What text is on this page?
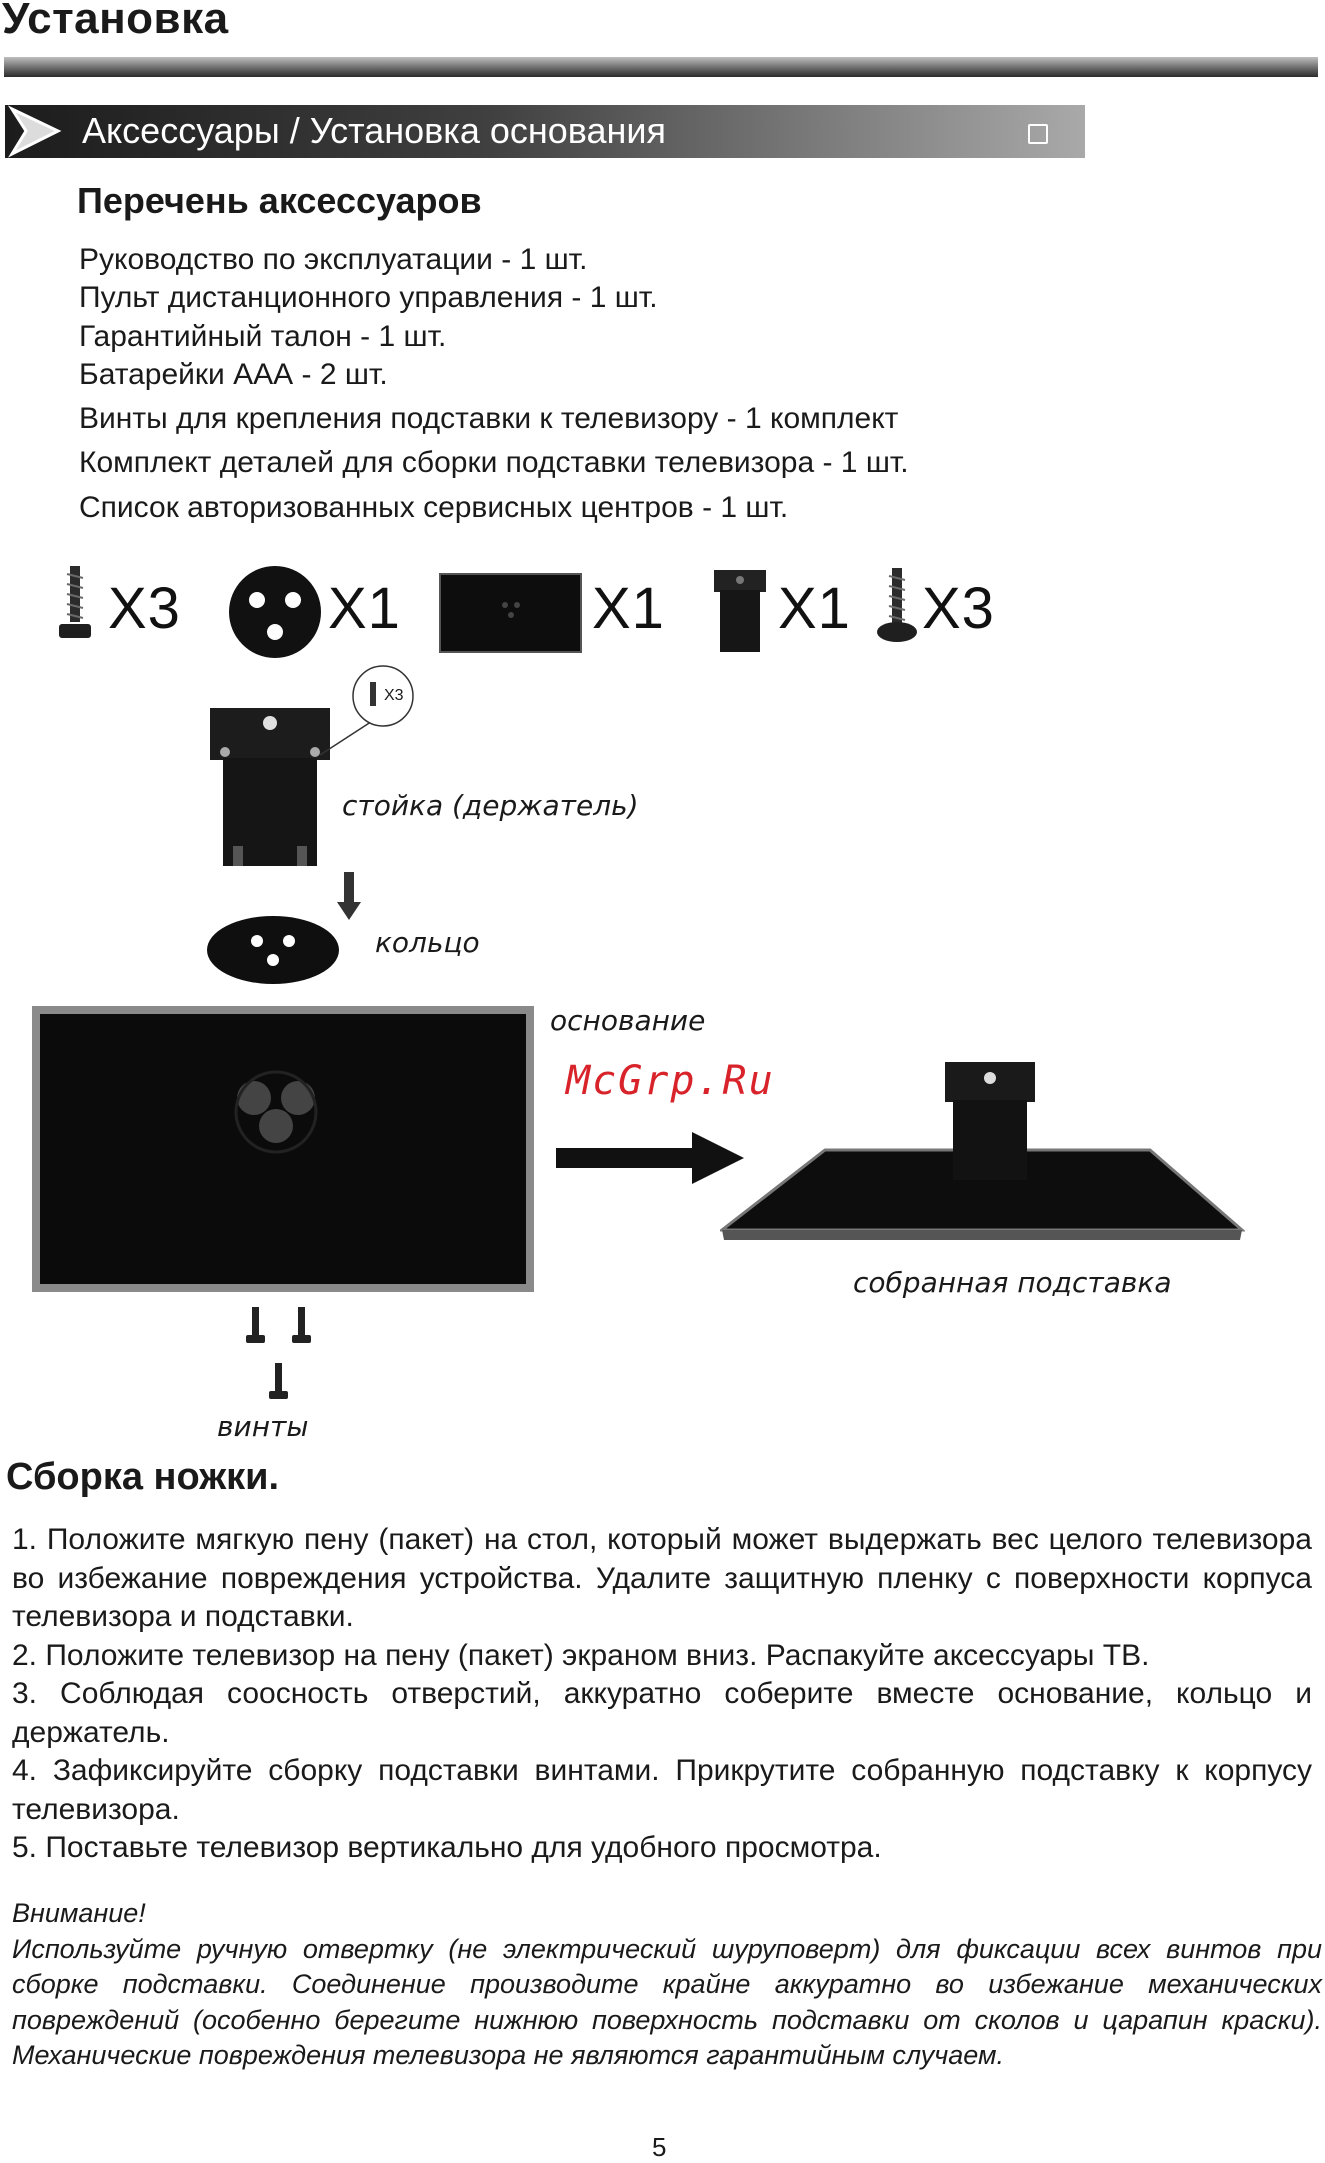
Установка
Аксессуары / Установка основания
Перечень аксессуаров
Руководство по эксплуатации - 1 шт.
Пульт дистанционного управления - 1 шт.
Гарантийный талон - 1 шт.
Батарейки ААА - 2 шт.
Винты для крепления подставки к телевизору - 1 комплект
Комплект деталей для сборки подставки телевизора - 1 шт.
Список авторизованных сервисных центров - 1 шт.
X3	X1	X1 X1 X3
X3
стойка (держатель)
кольцо
основание
McGrp.Ru
собранная подставка
винты
Сборка ножки.

1. Положите мягкую пену (пакет) на стол, который может выдержать вес целого телевизора во избежание повреждения устройства. Удалите защитную пленку с поверхности корпуса телевизора и подставки.

2. Положите телевизор на пену (пакет) экраном вниз. Распакуйте аксессуары ТВ.

3. Соблюдая соосность отверстий, аккуратно соберите вместе основание, кольцо и держатель.

4. Зафиксируйте сборку подставки винтами. Прикрутите собранную подставку к корпусу телевизора.

5. Поставьте телевизор вертикально для удобного просмотра.

Внимание!

Используйте ручную отвертку (не электрический шуруповерт) для фиксации всех винтов при сборке подставки. Соединение производите крайне аккуратно во избежание механических повреждений (особенно берегите нижнюю поверхность подставки от сколов и царапин краски). Механические повреждения телевизора не являются гарантийным случаем.

5
